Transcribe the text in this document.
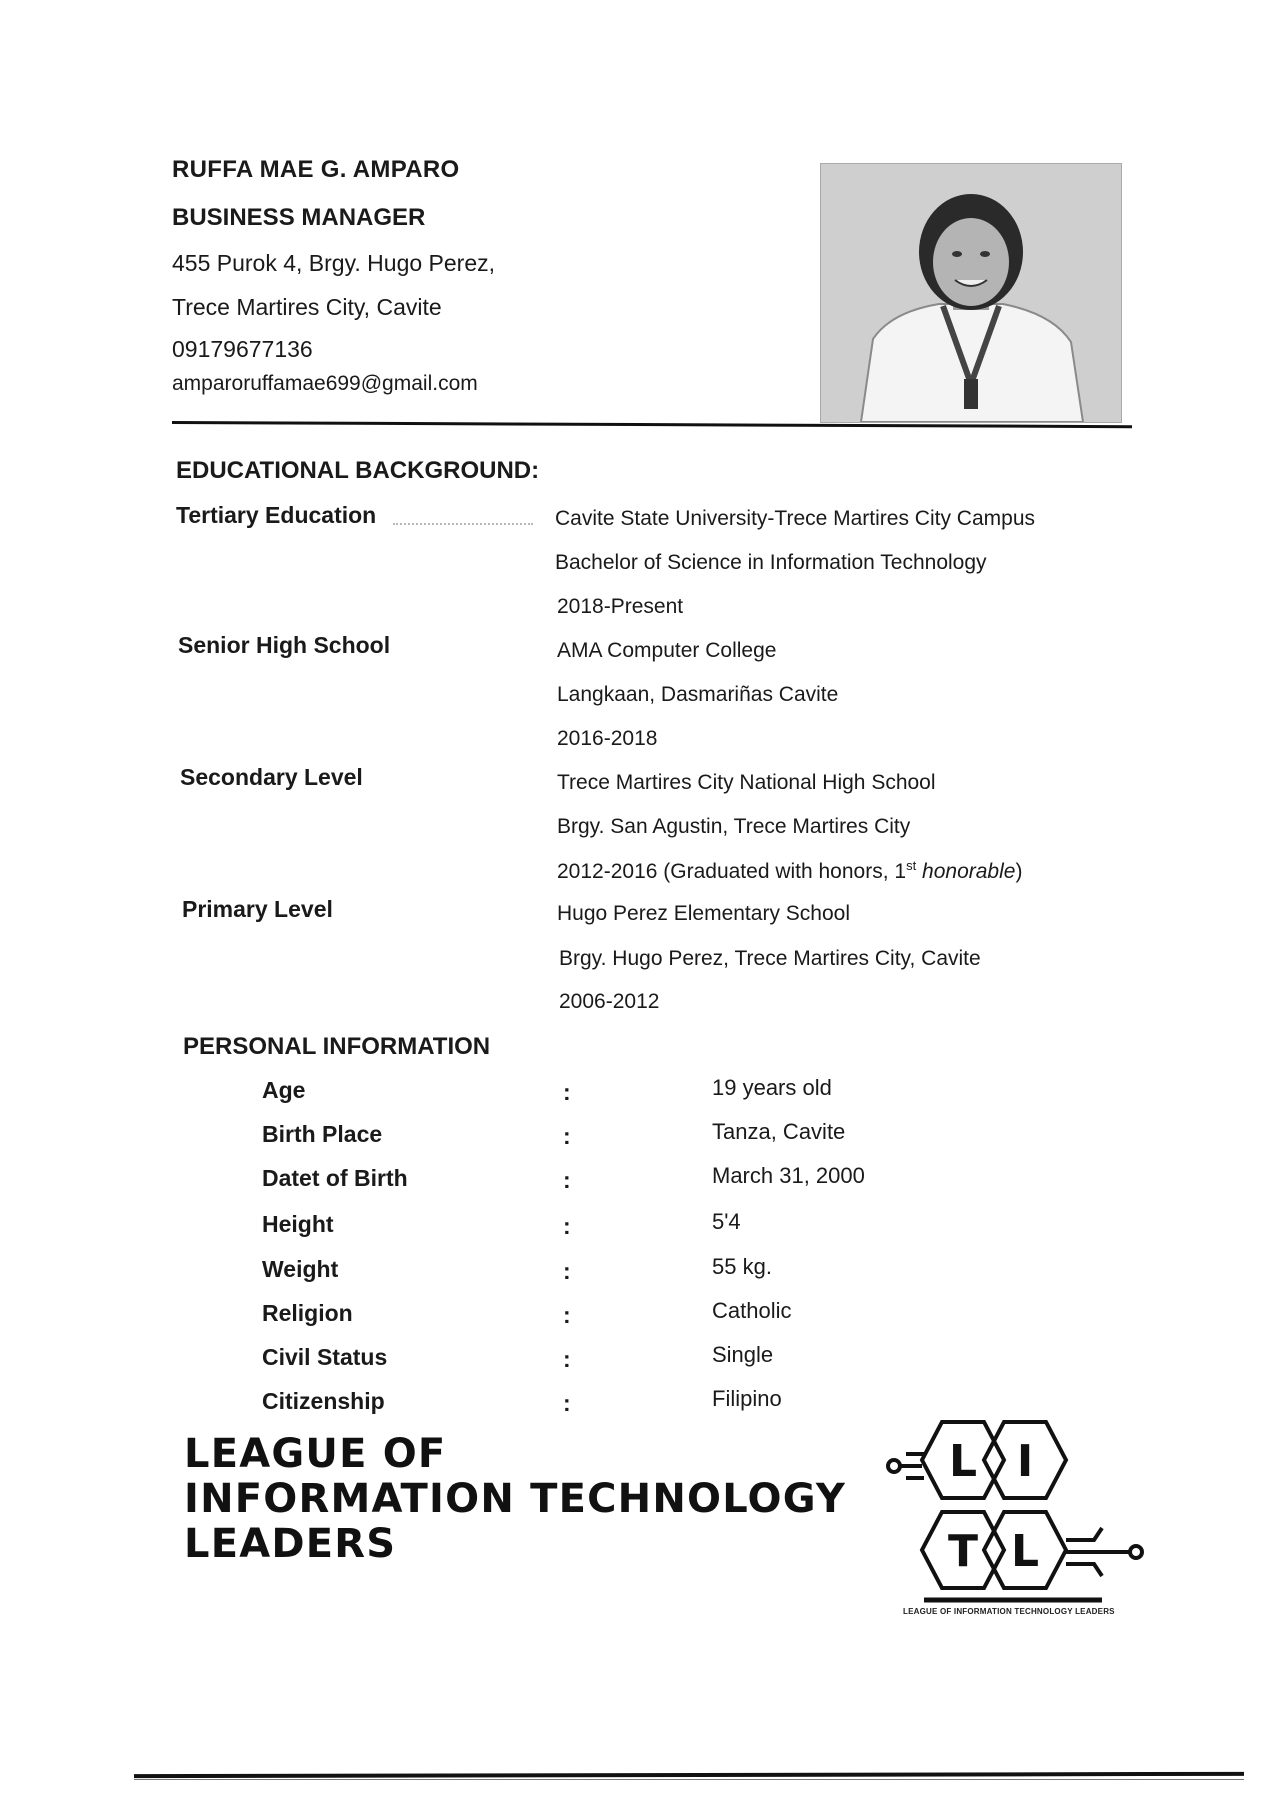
RUFFA MAE G. AMPARO
BUSINESS MANAGER
455 Purok 4, Brgy. Hugo Perez,
Trece Martires City, Cavite
09179677136
amparoruffamae699@gmail.com
EDUCATIONAL BACKGROUND:
Tertiary Education	Cavite State University-Trece Martires City Campus
Bachelor of Science in Information Technology
2018-Present
Senior High School	AMA Computer College
Langkaan, Dasmariñas Cavite
2016-2018
Secondary Level	Trece Martires City National High School
Brgy. San Agustin, Trece Martires City
2012-2016 (Graduated with honors, 1st honorable)
Primary Level	Hugo Perez Elementary School
Brgy. Hugo Perez, Trece Martires City, Cavite
2006-2012
PERSONAL INFORMATION
Age	:	19 years old
Birth Place	:	Tanza, Cavite
Datet of Birth	:	March 31, 2000
Height	:	5'4
Weight	:	55 kg.
Religion	:	Catholic
Civil Status	:	Single
Citizenship	:	Filipino
LEAGUE OF
INFORMATION TECHNOLOGY
LEADERS
L I
T L
LEAGUE OF INFORMATION TECHNOLOGY LEADERS
